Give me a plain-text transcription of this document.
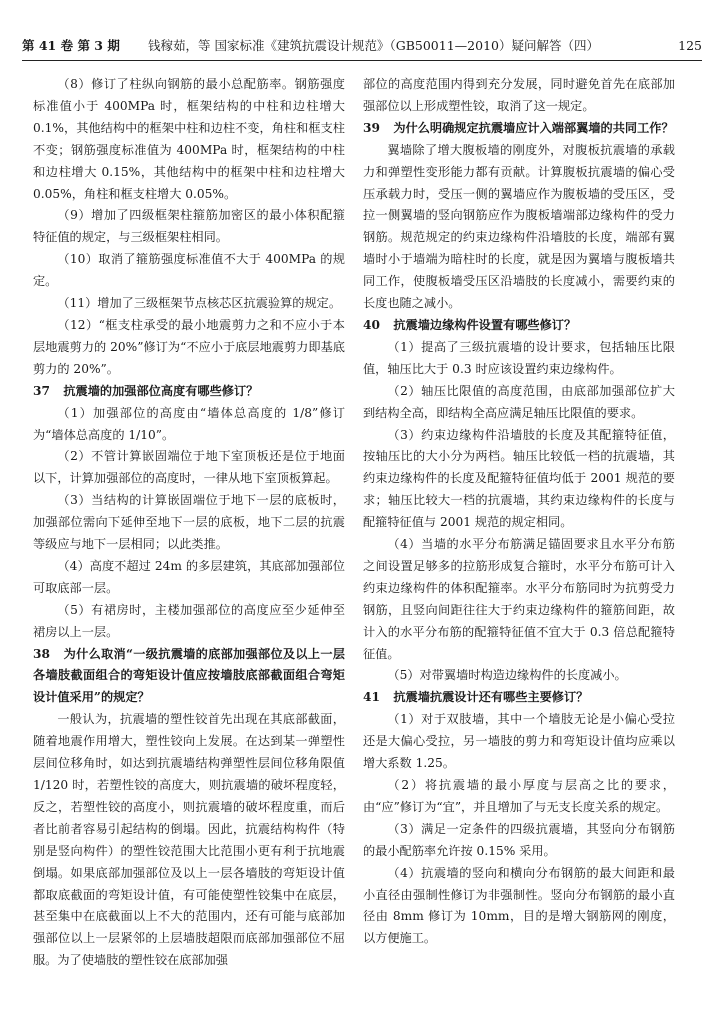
第 41 卷 第 3 期 钱稼茹，等 国家标准《建筑抗震设计规范》（GB50011—2010）疑问解答（四）	125

（8）修订了柱纵向钢筋的最小总配筋率。钢筋强度标准值小于 400MPa 时，框架结构的中柱和边柱增大 0.1%，其他结构中的框架中柱和边柱不变，角柱和框支柱不变；钢筋强度标准值为 400MPa 时，框架结构的中柱和边柱增大 0.15%，其他结构中的框架中柱和边柱增大 0.05%，角柱和框支柱增大 0.05%。

（9）增加了四级框架柱箍筋加密区的最小体积配箍特征值的规定，与三级框架柱相同。

（10）取消了箍筋强度标准值不大于 400MPa 的规定。

（11）增加了三级框架节点核芯区抗震验算的规定。

（12）“框支柱承受的最小地震剪力之和不应小于本层地震剪力的 20%”修订为“不应小于底层地震剪力即基底剪力的 20%”。

37 抗震墙的加强部位高度有哪些修订？

（1）加强部位的高度由“墙体总高度的 1/8”修订为“墙体总高度的 1/10”。

（2）不管计算嵌固端位于地下室顶板还是位于地面以下，计算加强部位的高度时，一律从地下室顶板算起。

（3）当结构的计算嵌固端位于地下一层的底板时，加强部位需向下延伸至地下一层的底板，地下二层的抗震等级应与地下一层相同；以此类推。

（4）高度不超过 24m 的多层建筑，其底部加强部位可取底部一层。

（5）有裙房时，主楼加强部位的高度应至少延伸至裙房以上一层。

38 为什么取消“一级抗震墙的底部加强部位及以上一层各墙肢截面组合的弯矩设计值应按墙肢底部截面组合弯矩设计值采用”的规定？

一般认为，抗震墙的塑性铰首先出现在其底部截面，随着地震作用增大，塑性铰向上发展。在达到某一弹塑性层间位移角时，如达到抗震墙结构弹塑性层间位移角限值 1/120 时，若塑性铰的高度大，则抗震墙的破坏程度轻，反之，若塑性铰的高度小，则抗震墙的破坏程度重，而后者比前者容易引起结构的倒塌。因此，抗震结构构件（特别是竖向构件）的塑性铰范围大比范围小更有利于抗地震倒塌。如果底部加强部位及以上一层各墙肢的弯矩设计值都取底截面的弯矩设计值，有可能使塑性铰集中在底层，甚至集中在底截面以上不大的范围内，还有可能与底部加强部位以上一层紧邻的上层墙肢超限而底部加强部位不屈服。为了使墙肢的塑性铰在底部加强

部位的高度范围内得到充分发展，同时避免首先在底部加强部位以上形成塑性铰，取消了这一规定。

39 为什么明确规定抗震墙应计入端部翼墙的共同工作？

翼墙除了增大腹板墙的刚度外，对腹板抗震墙的承载力和弹塑性变形能力都有贡献。计算腹板抗震墙的偏心受压承载力时，受压一侧的翼墙应作为腹板墙的受压区，受拉一侧翼墙的竖向钢筋应作为腹板墙端部边缘构件的受力钢筋。规范规定的约束边缘构件沿墙肢的长度，端部有翼墙时小于墙端为暗柱时的长度，就是因为翼墙与腹板墙共同工作，使腹板墙受压区沿墙肢的长度减小，需要约束的长度也随之减小。

40 抗震墙边缘构件设置有哪些修订？

（1）提高了三级抗震墙的设计要求，包括轴压比限值，轴压比大于 0.3 时应该设置约束边缘构件。

（2）轴压比限值的高度范围，由底部加强部位扩大到结构全高，即结构全高应满足轴压比限值的要求。

（3）约束边缘构件沿墙肢的长度及其配箍特征值，按轴压比的大小分为两档。轴压比较低一档的抗震墙，其约束边缘构件的长度及配箍特征值均低于 2001 规范的要求；轴压比较大一档的抗震墙，其约束边缘构件的长度与配箍特征值与 2001 规范的规定相同。

（4）当墙的水平分布筋满足锚固要求且水平分布筋之间设置足够多的拉筋形成复合箍时，水平分布筋可计入约束边缘构件的体积配箍率。水平分布筋同时为抗剪受力钢筋，且竖向间距往往大于约束边缘构件的箍筋间距，故计入的水平分布筋的配箍特征值不宜大于 0.3 倍总配箍特征值。

（5）对带翼墙时构造边缘构件的长度减小。

41 抗震墙抗震设计还有哪些主要修订？

（1）对于双肢墙，其中一个墙肢无论是小偏心受拉还是大偏心受拉，另一墙肢的剪力和弯矩设计值均应乘以增大系数 1.25。

（2）将抗震墙的最小厚度与层高之比的要求，由“应”修订为“宜”，并且增加了与无支长度关系的规定。

（3）满足一定条件的四级抗震墙，其竖向分布钢筋的最小配筋率允许按 0.15% 采用。

（4）抗震墙的竖向和横向分布钢筋的最大间距和最小直径由强制性修订为非强制性。竖向分布钢筋的最小直径由 8mm 修订为 10mm，目的是增大钢筋网的刚度，以方便施工。
